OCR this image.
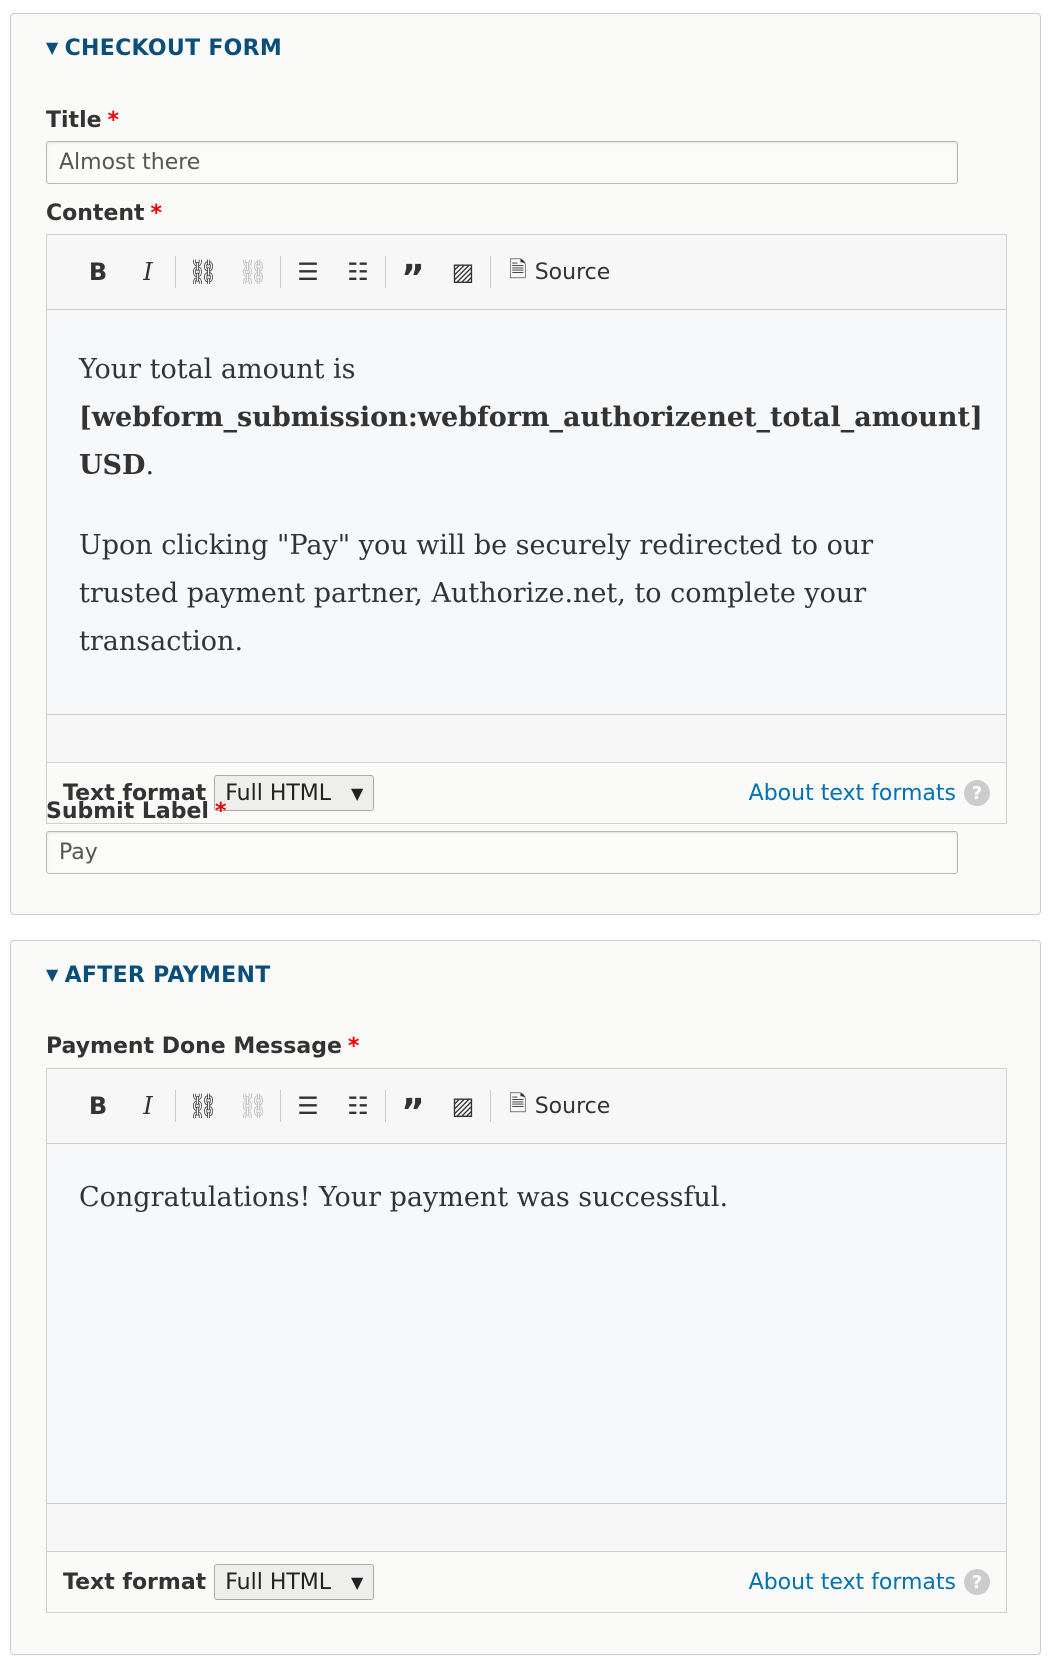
▼ CHECKOUT FORM
Title *
Almost there
Content *
B	I	⛓ ⛓	☰	☷ ”	▨	🗎 Source

Your total amount is
[webform_submission:webform_authorizenet_total_amount] USD.

Upon clicking "Pay" you will be securely redirected to our trusted payment partner, Authorize.net, to complete your transaction.

Text format Full HTML ▼	About text formats ?
Submit Label *
Pay
▼ AFTER PAYMENT
Payment Done Message *
B	I	⛓ ⛓	☰	☷ ”	▨	🗎 Source

Congratulations! Your payment was successful.

Text format Full HTML ▼	About text formats ?
